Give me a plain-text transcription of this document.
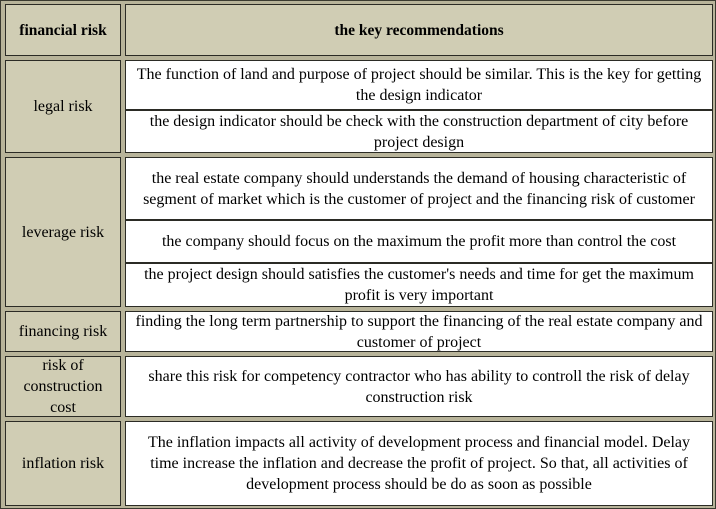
financial risk	the key recommendations
legal risk
The function of land and purpose of project should be similar. This is the key for getting the design indicator
the design indicator should be check with the construction department of city before project design
leverage risk
the real estate company should understands the demand of housing characteristic of segment of market which is the customer of project and the financing risk of customer
the company should focus on the maximum the profit more than control the cost
the project design should satisfies the customer's needs and time for get the maximum profit is very important
financing risk
finding the long term partnership to support the financing of the real estate company and customer of project
risk of construction cost
share this risk for competency contractor who has ability to controll the risk of delay construction risk
inflation risk
The inflation impacts all activity of development process and financial model. Delay time increase the inflation and decrease the profit of project. So that, all activities of development process should be do as soon as possible
